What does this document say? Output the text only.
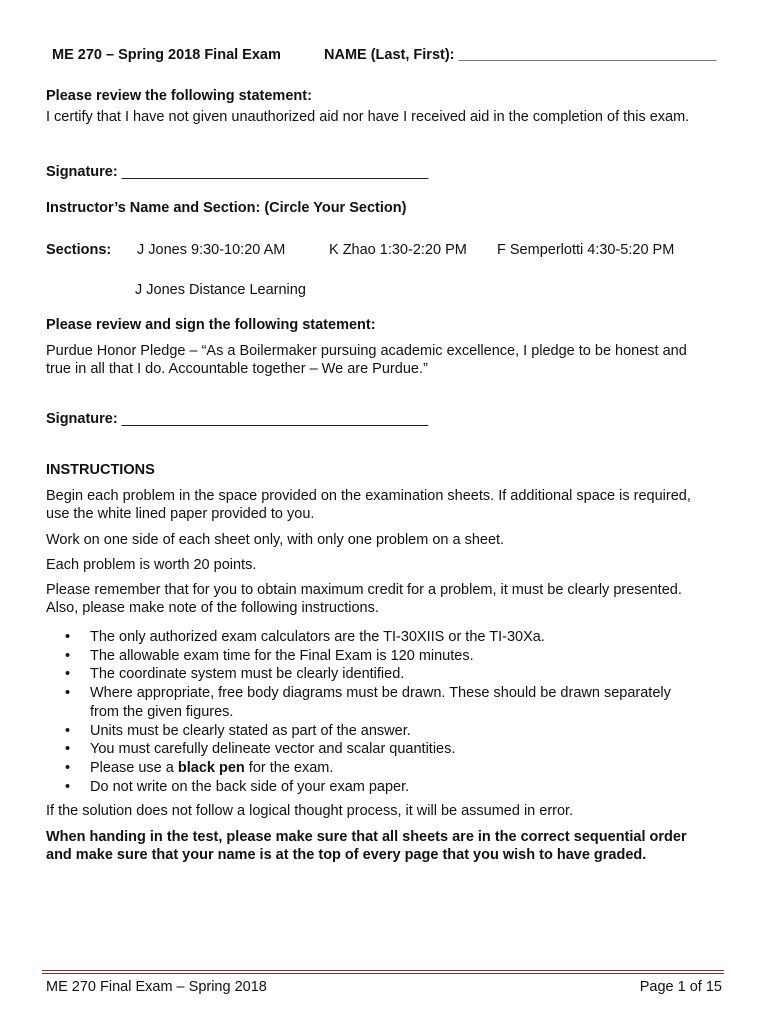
ME 270 – Spring 2018 Final Exam	NAME (Last, First): ________________________________
Please review the following statement:
I certify that I have not given unauthorized aid nor have I received aid in the completion of this exam.
Signature: ______________________________________
Instructor’s Name and Section: (Circle Your Section)
Sections: J Jones 9:30-10:20 AM	K Zhao 1:30-2:20 PM F Semperlotti 4:30-5:20 PM
J Jones Distance Learning
Please review and sign the following statement:
Purdue Honor Pledge – “As a Boilermaker pursuing academic excellence, I pledge to be honest and
true in all that I do. Accountable together – We are Purdue.”
Signature: ______________________________________
INSTRUCTIONS
Begin each problem in the space provided on the examination sheets. If additional space is required,
use the white lined paper provided to you.
Work on one side of each sheet only, with only one problem on a sheet.
Each problem is worth 20 points.
Please remember that for you to obtain maximum credit for a problem, it must be clearly presented.
Also, please make note of the following instructions.
• The only authorized exam calculators are the TI-30XIIS or the TI-30Xa.
• The allowable exam time for the Final Exam is 120 minutes.
• The coordinate system must be clearly identified.
• Where appropriate, free body diagrams must be drawn. These should be drawn separately
from the given figures.
• Units must be clearly stated as part of the answer.
• You must carefully delineate vector and scalar quantities.
• Please use a black pen for the exam.
• Do not write on the back side of your exam paper.
If the solution does not follow a logical thought process, it will be assumed in error.
When handing in the test, please make sure that all sheets are in the correct sequential order
and make sure that your name is at the top of every page that you wish to have graded.
ME 270 Final Exam – Spring 2018	Page 1 of 15
